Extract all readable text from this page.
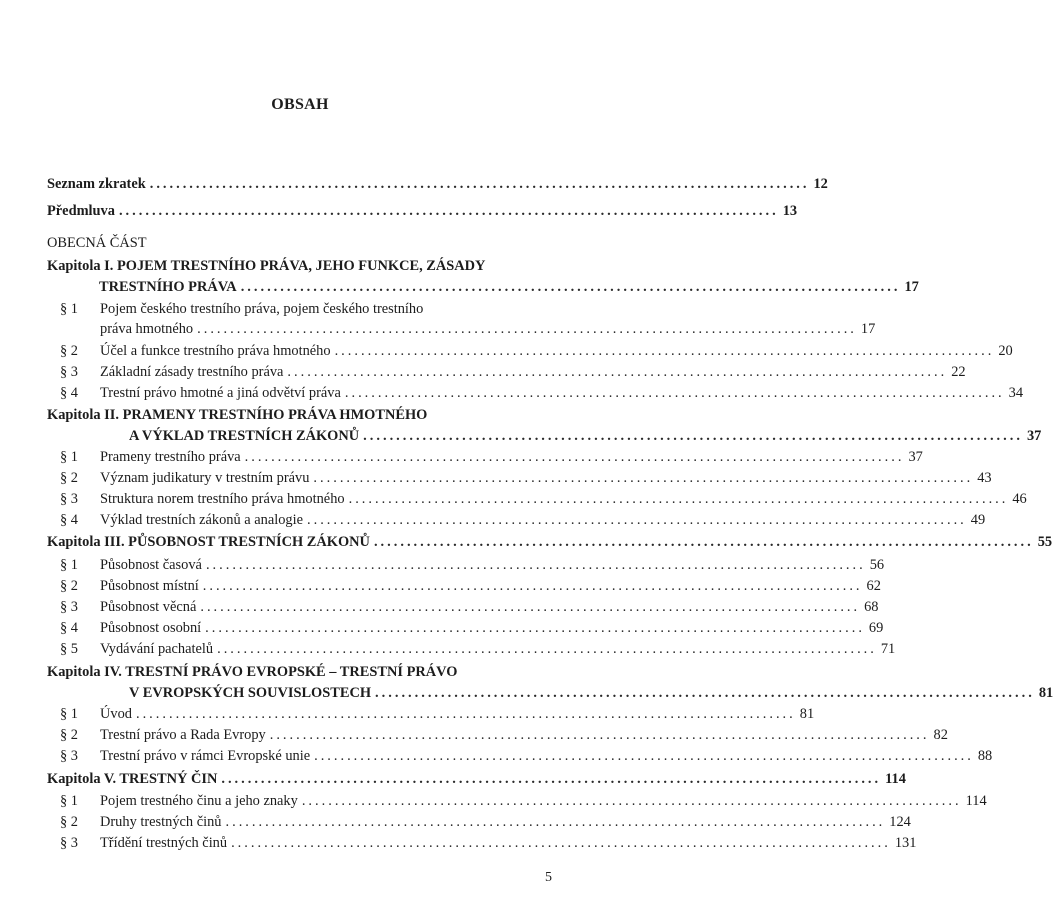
OBSAH
Seznam zkratek .................................................................................................... 12
Předmluva .................................................................................................... 13
OBECNÁ ČÁST
Kapitola I. POJEM TRESTNÍHO PRÁVA, JEHO FUNKCE, ZÁSADY
TRESTNÍHO PRÁVA .................................................................................................... 17
§ 1 Pojem českého trestního práva, pojem českého trestního
práva hmotného .................................................................................................... 17
§ 2 Účel a funkce trestního práva hmotného .................................................................................................... 20
§ 3 Základní zásady trestního práva .................................................................................................... 22
§ 4 Trestní právo hmotné a jiná odvětví práva .................................................................................................... 34
Kapitola II. PRAMENY TRESTNÍHO PRÁVA HMOTNÉHO
A VÝKLAD TRESTNÍCH ZÁKONŮ .................................................................................................... 37
§ 1 Prameny trestního práva .................................................................................................... 37
§ 2 Význam judikatury v trestním právu .................................................................................................... 43
§ 3 Struktura norem trestního práva hmotného .................................................................................................... 46
§ 4 Výklad trestních zákonů a analogie .................................................................................................... 49
Kapitola III. PŮSOBNOST TRESTNÍCH ZÁKONŮ .................................................................................................... 55
§ 1 Působnost časová .................................................................................................... 56
§ 2 Působnost místní .................................................................................................... 62
§ 3 Působnost věcná .................................................................................................... 68
§ 4 Působnost osobní .................................................................................................... 69
§ 5 Vydávání pachatelů .................................................................................................... 71
Kapitola IV. TRESTNÍ PRÁVO EVROPSKÉ – TRESTNÍ PRÁVO
V EVROPSKÝCH SOUVISLOSTECH .................................................................................................... 81
§ 1 Úvod .................................................................................................... 81
§ 2 Trestní právo a Rada Evropy .................................................................................................... 82
§ 3 Trestní právo v rámci Evropské unie .................................................................................................... 88
Kapitola V. TRESTNÝ ČIN .................................................................................................... 114
§ 1 Pojem trestného činu a jeho znaky .................................................................................................... 114
§ 2 Druhy trestných činů .................................................................................................... 124
§ 3 Třídění trestných činů .................................................................................................... 131
5
